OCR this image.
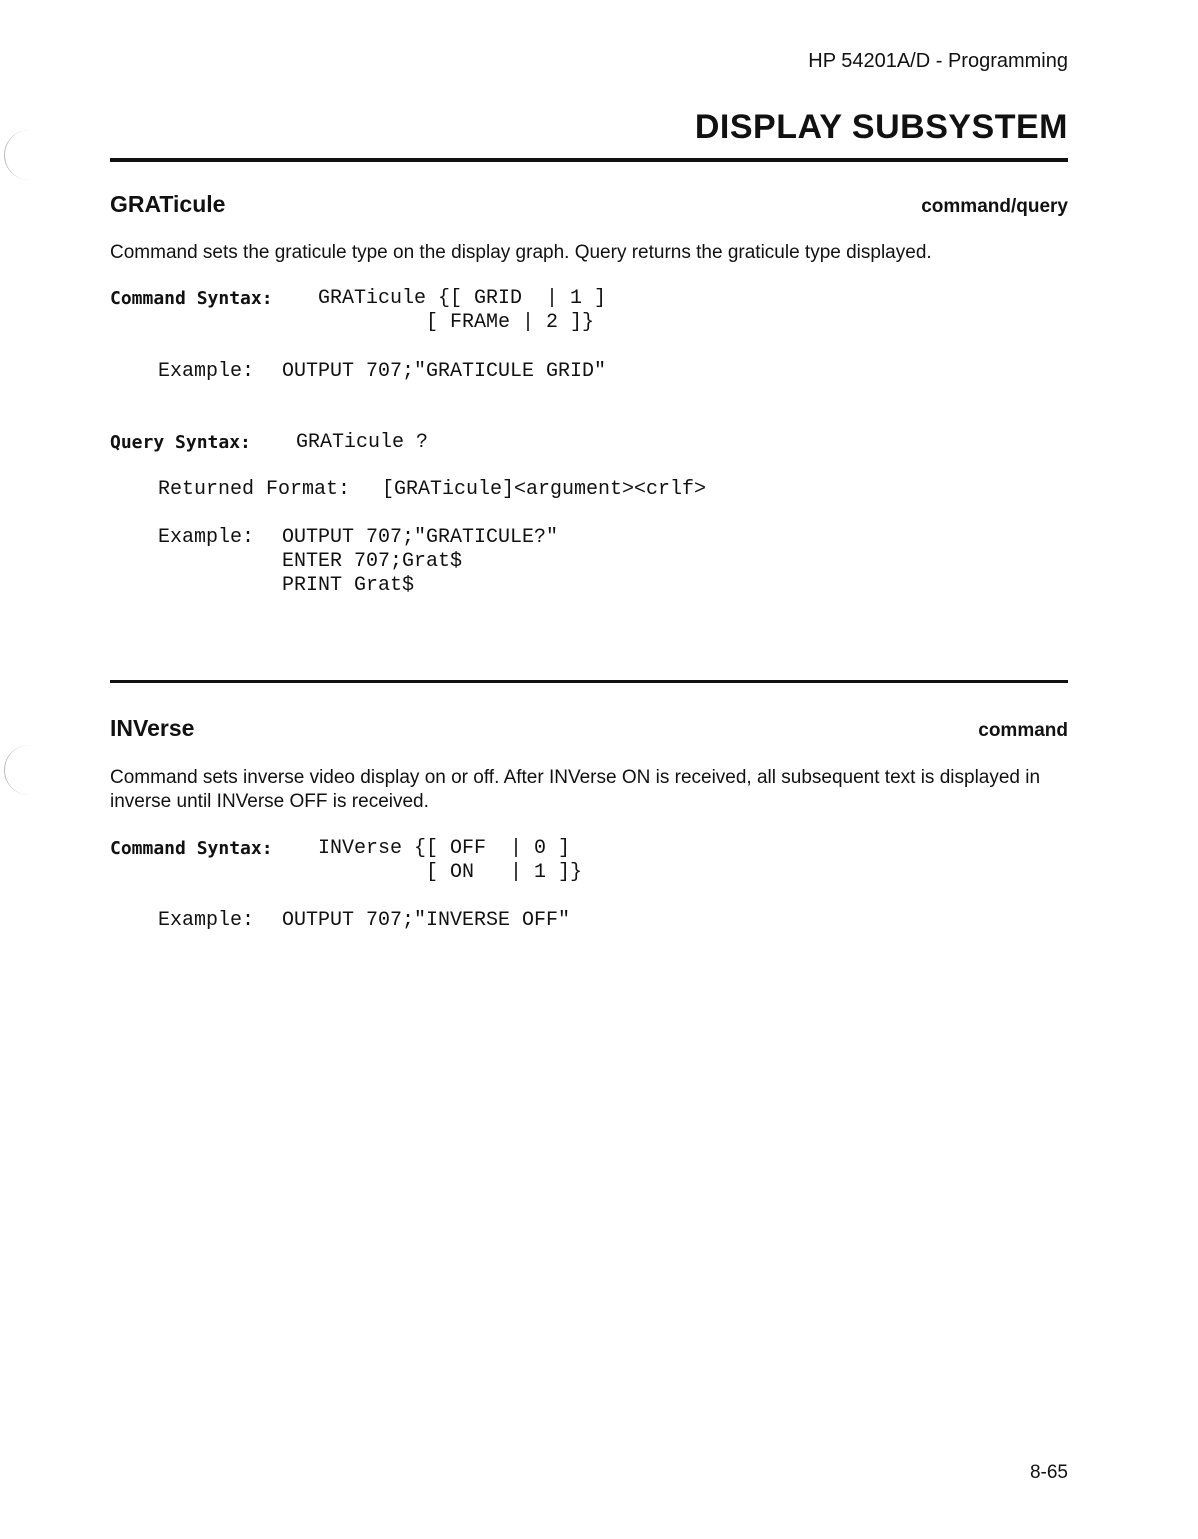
HP 54201A/D - Programming
DISPLAY SUBSYSTEM
GRATicule	command/query
Command sets the graticule type on the display graph. Query returns the graticule type displayed.
Command Syntax: GRATicule {[ GRID  | 1 ]
[ FRAMe | 2 ]}
Example: OUTPUT 707;"GRATICULE GRID"
Query Syntax: GRATicule ?
Returned Format: [GRATicule]<argument><crlf>
Example: OUTPUT 707;"GRATICULE?"
ENTER 707;Grat$
PRINT Grat$
INVerse	command
Command sets inverse video display on or off. After INVerse ON is received, all subsequent text is displayed in inverse until INVerse OFF is received.
Command Syntax: INVerse {[ OFF  | 0 ]
[ ON   | 1 ]}
Example: OUTPUT 707;"INVERSE OFF"
8-65
